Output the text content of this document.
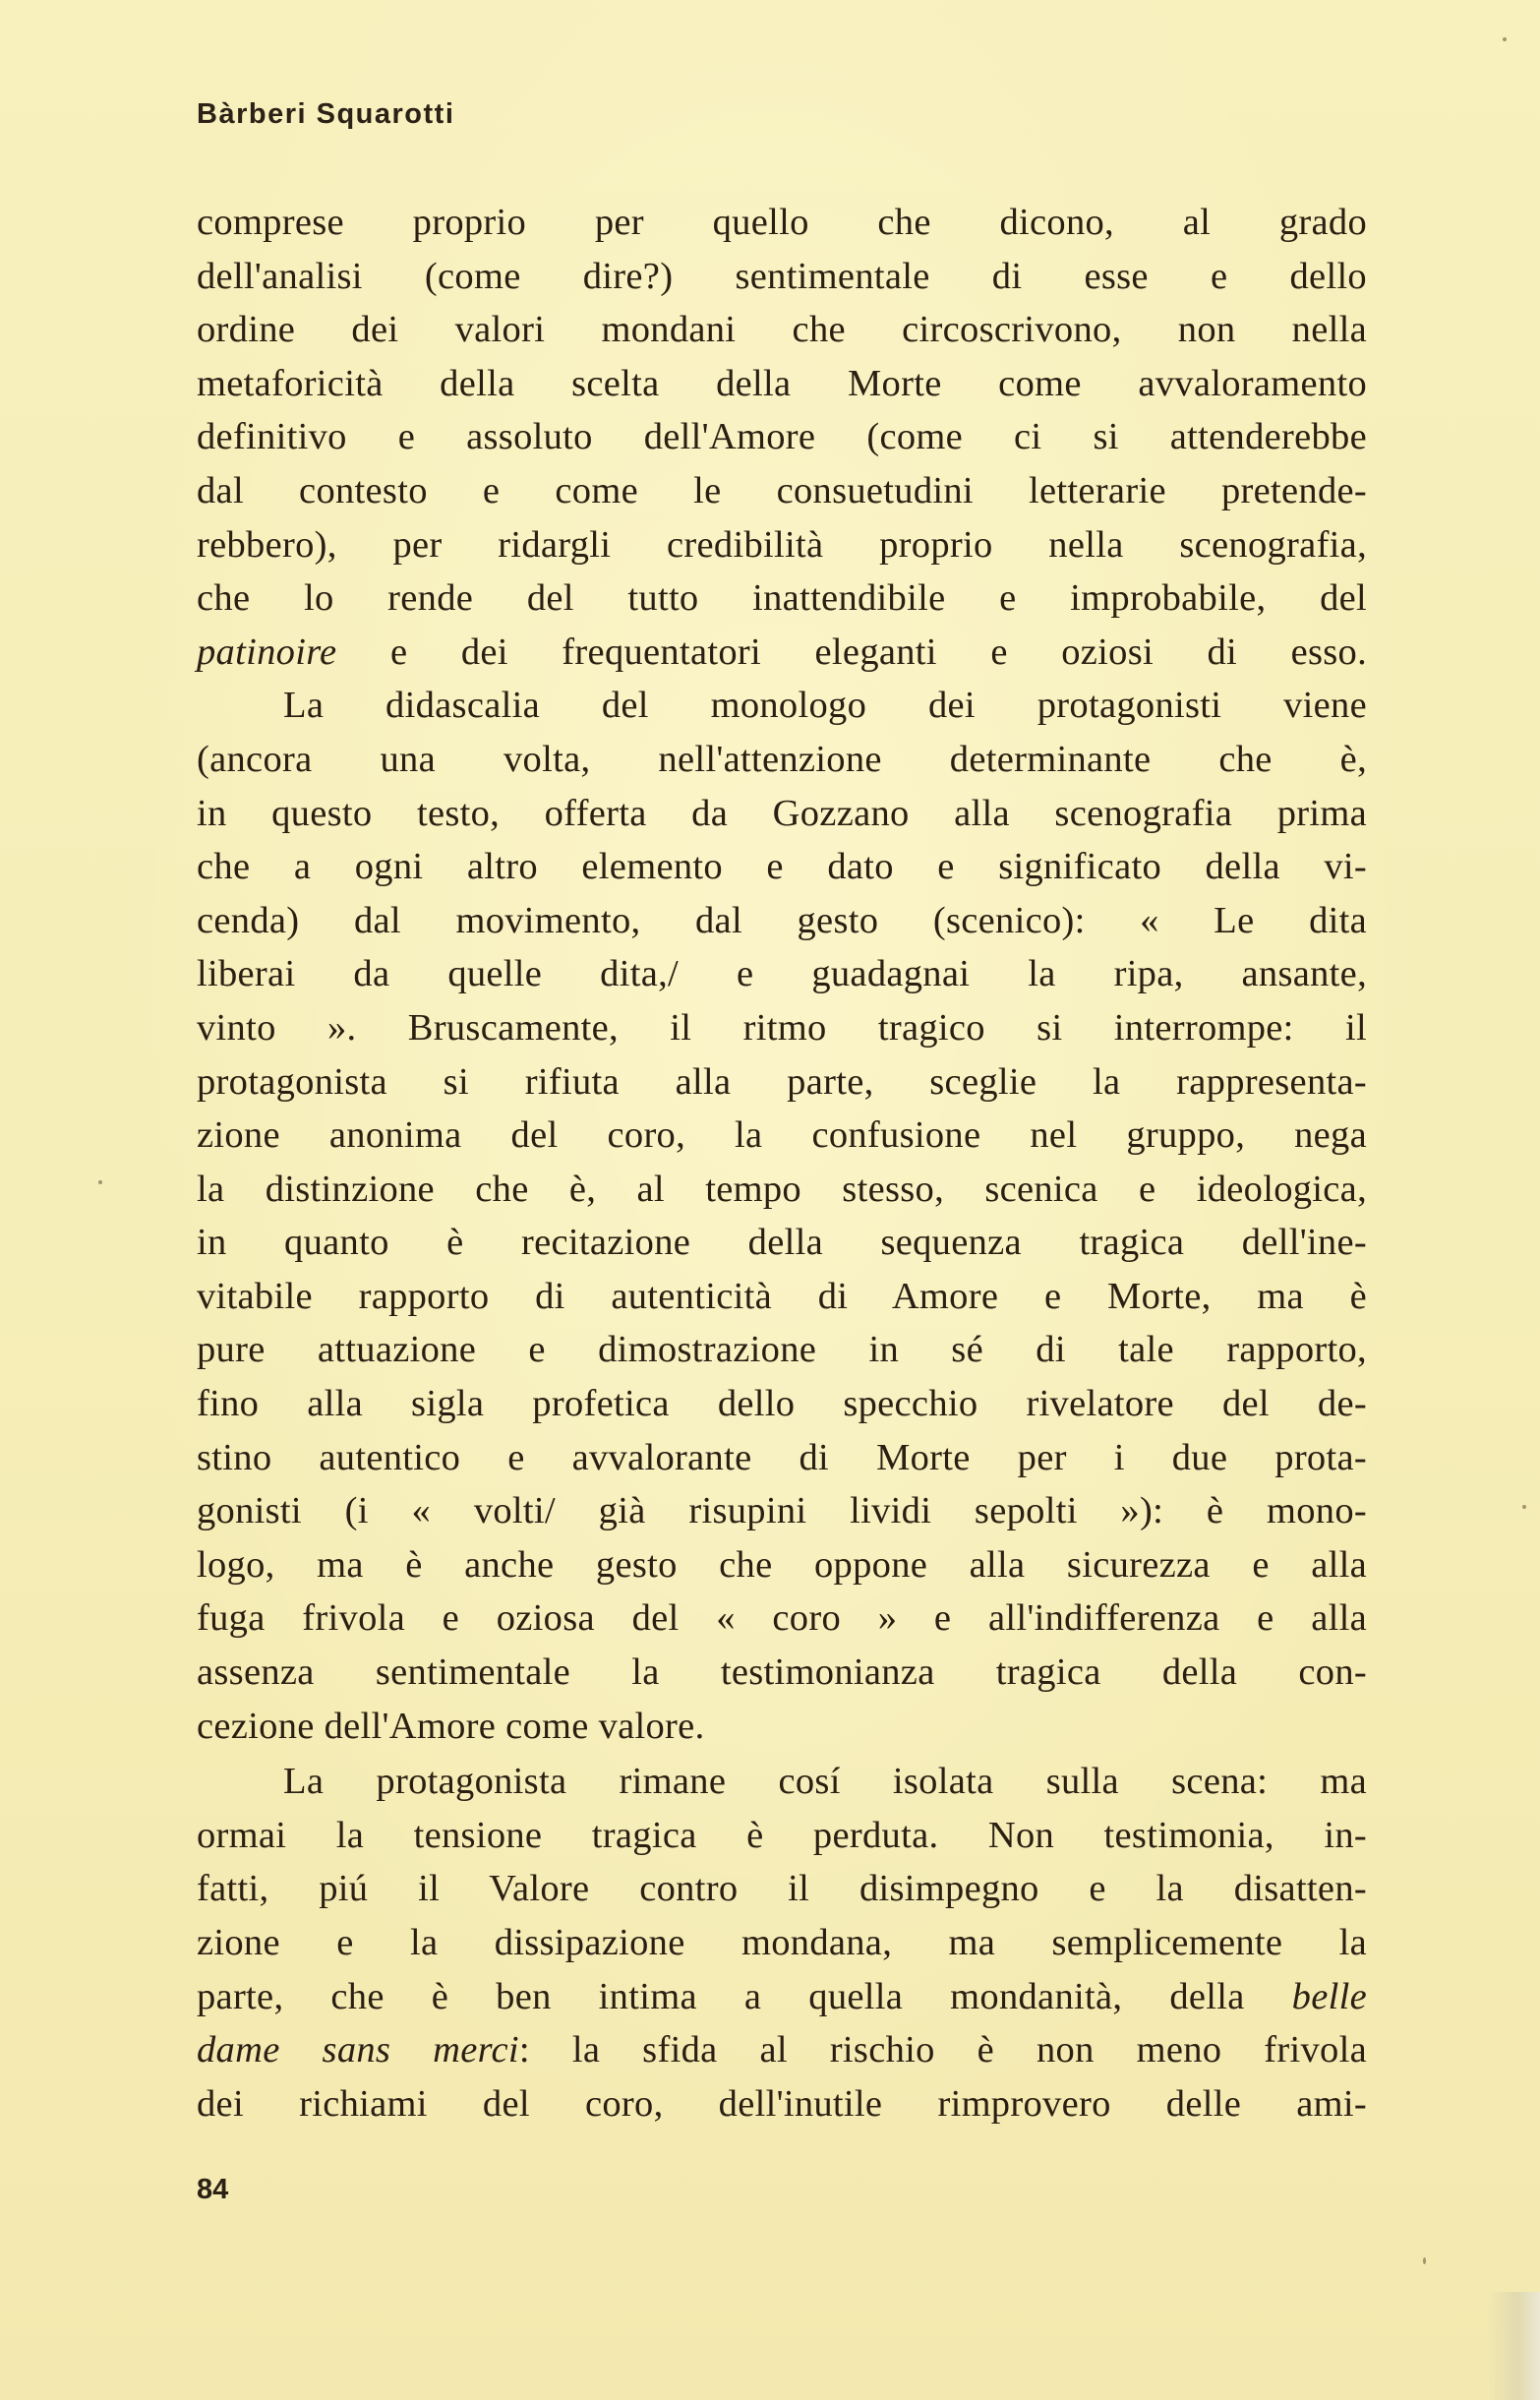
Bàrberi Squarotti
comprese proprio per quello che dicono, al grado
dell'analisi (come dire?) sentimentale di esse e dello
ordine dei valori mondani che circoscrivono, non nella
metaforicità della scelta della Morte come avvaloramento
definitivo e assoluto dell'Amore (come ci si attenderebbe
dal contesto e come le consuetudini letterarie pretende-
rebbero), per ridargli credibilità proprio nella scenografia,
che lo rende del tutto inattendibile e improbabile, del
patinoire e dei frequentatori eleganti e oziosi di esso.
La didascalia del monologo dei protagonisti viene
(ancora una volta, nell'attenzione determinante che è,
in questo testo, offerta da Gozzano alla scenografia prima
che a ogni altro elemento e dato e significato della vi-
cenda) dal movimento, dal gesto (scenico): « Le dita
liberai da quelle dita,/ e guadagnai la ripa, ansante,
vinto ». Bruscamente, il ritmo tragico si interrompe: il
protagonista si rifiuta alla parte, sceglie la rappresenta-
zione anonima del coro, la confusione nel gruppo, nega
la distinzione che è, al tempo stesso, scenica e ideologica,
in quanto è recitazione della sequenza tragica dell'ine-
vitabile rapporto di autenticità di Amore e Morte, ma è
pure attuazione e dimostrazione in sé di tale rapporto,
fino alla sigla profetica dello specchio rivelatore del de-
stino autentico e avvalorante di Morte per i due prota-
gonisti (i « volti/ già risupini lividi sepolti »): è mono-
logo, ma è anche gesto che oppone alla sicurezza e alla
fuga frivola e oziosa del « coro » e all'indifferenza e alla
assenza sentimentale la testimonianza tragica della con-
cezione dell'Amore come valore.
La protagonista rimane cosí isolata sulla scena: ma
ormai la tensione tragica è perduta. Non testimonia, in-
fatti, piú il Valore contro il disimpegno e la disatten-
zione e la dissipazione mondana, ma semplicemente la
parte, che è ben intima a quella mondanità, della belle
dame sans merci: la sfida al rischio è non meno frivola
dei richiami del coro, dell'inutile rimprovero delle ami-
84
